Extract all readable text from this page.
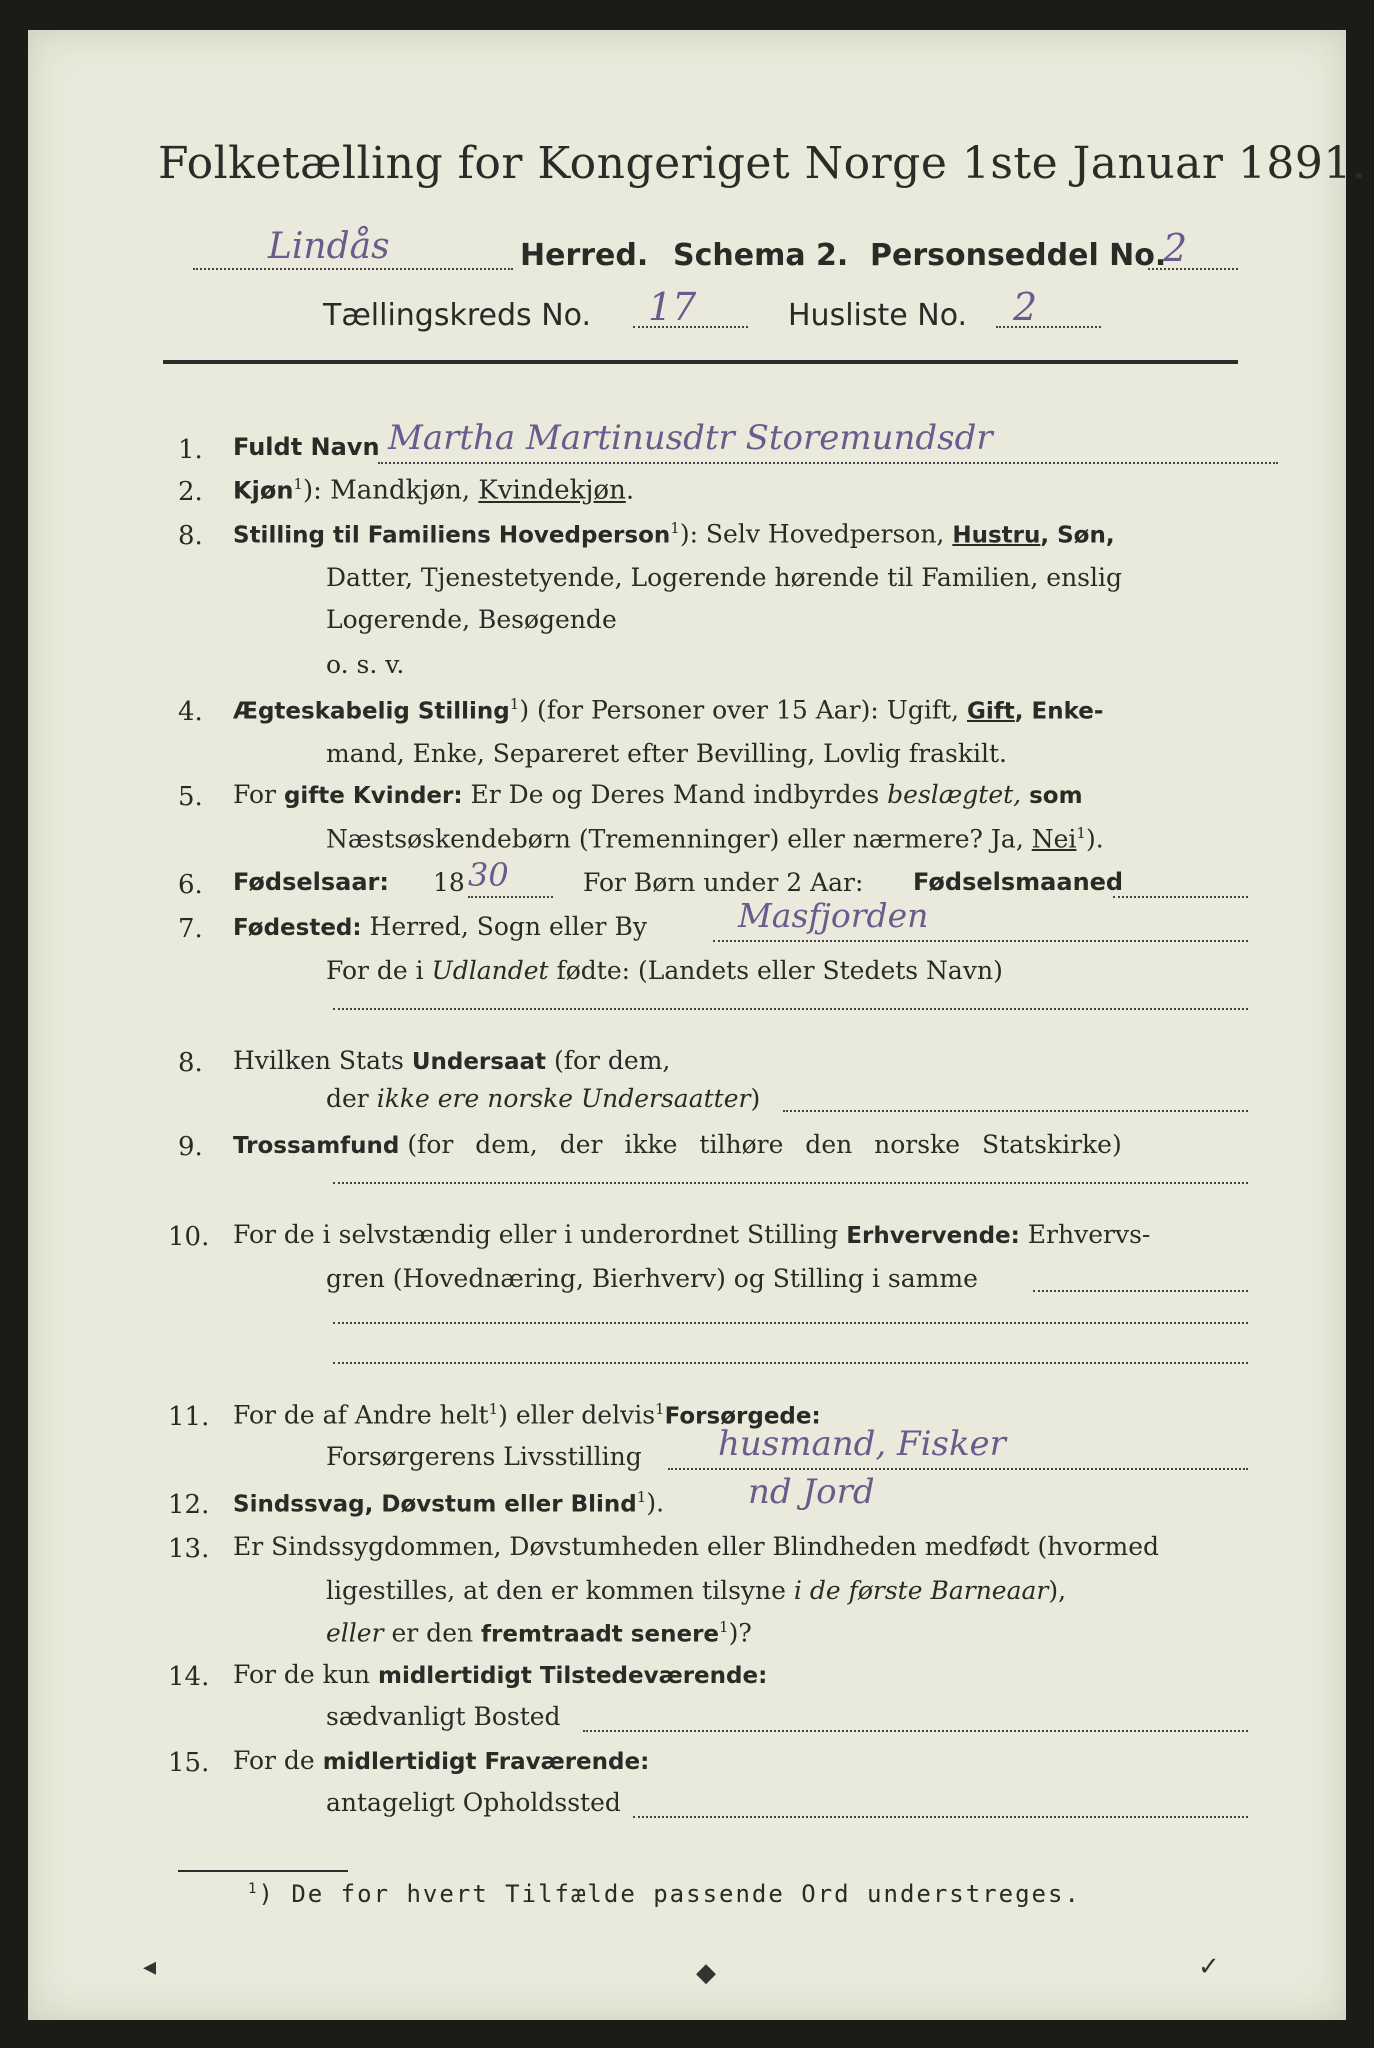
Folketælling for Kongeriget Norge 1ste Januar 1891.
Lindås	Herred. Schema 2. Personseddel No.
2
Tællingskreds No. 17	Husliste No. 2
1. Fuldt Navn Martha Martinusdtr Storemundsdr
2. Kjøn$^1$): Mandkjøn, Kvindekjøn.
8. Stilling til Familiens Hovedperson$^1$): Selv Hovedperson, Hustru, Søn,
Datter, Tjenestetyende, Logerende hørende til Familien, enslig
Logerende, Besøgende
o. s. v.
4. Ægteskabelig Stilling$^1$) (for Personer over 15 Aar): Ugift, Gift, Enke-
mand, Enke, Separeret efter Bevilling, Lovlig fraskilt.
5. For gifte Kvinder: Er De og Deres Mand indbyrdes beslægtet, som
Næstsøskendebørn (Tremenninger) eller nærmere? Ja, Nei$^1$).
6. Fødselsaar: 18 30	For Børn under 2 Aar: Fødselsmaaned
7. Fødested: Herred, Sogn eller By	Masfjorden
For de i Udlandet fødte: (Landets eller Stedets Navn)
8. Hvilken Stats Undersaat (for dem,
der ikke ere norske Undersaatter)
9. Trossamfund (for dem, der ikke tilhøre den norske Statskirke)
10. For de i selvstændig eller i underordnet Stilling Erhvervende: Erhvervs-
gren (Hovednæring, Bierhverv) og Stilling i samme
11. For de af Andre helt$^1$) eller delvis$^1$Forsørgede:
Forsørgerens Livsstilling husmand, Fisker
12. Sindssvag, Døvstum eller Blind$^1$). nd Jord
13. Er Sindssygdommen, Døvstumheden eller Blindheden medfødt (hvormed
ligestilles, at den er kommen tilsyne i de første Barneaar),
eller er den fremtraadt senere$^1$)?
14. For de kun midlertidigt Tilstedeværende:
sædvanligt Bosted
15. For de midlertidigt Fraværende:
antageligt Opholdssted
$^1$) De for hvert Tilfælde passende Ord understreges.
◂	◆	✓
